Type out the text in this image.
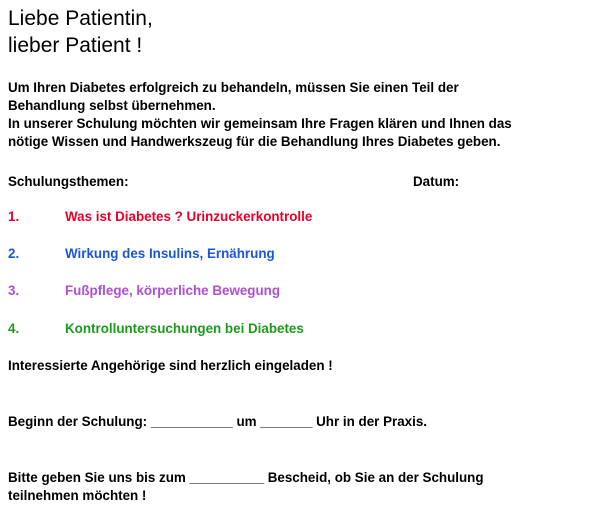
Liebe Patientin,
lieber Patient !
Um Ihren Diabetes erfolgreich zu behandeln, müssen Sie einen Teil der
Behandlung selbst übernehmen.
In unserer Schulung möchten wir gemeinsam Ihre Fragen klären und Ihnen das
nötige Wissen und Handwerkszeug für die Behandlung Ihres Diabetes geben.
Schulungsthemen:	Datum:
1.	Was ist Diabetes ? Urinzuckerkontrolle
2.	Wirkung des Insulins, Ernährung
3.	Fußpflege, körperliche Bewegung
4.	Kontrolluntersuchungen bei Diabetes
Interessierte Angehörige sind herzlich eingeladen !
Beginn der Schulung: ___________ um _______ Uhr in der Praxis.
Bitte geben Sie uns bis zum __________ Bescheid, ob Sie an der Schulung
teilnehmen möchten !
